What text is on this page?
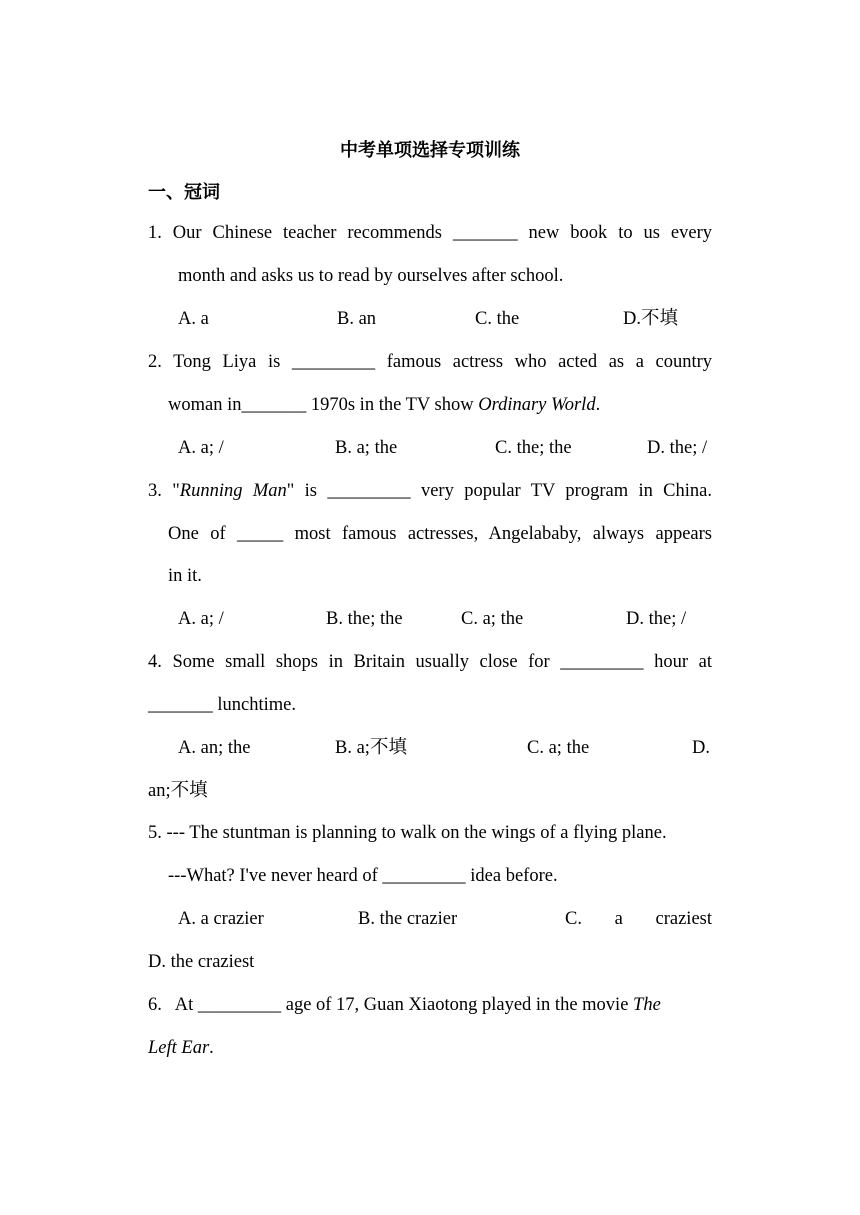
中考单项选择专项训练
一、冠词
1. Our Chinese teacher recommends _______ new book to us every
month and asks us to read by ourselves after school.
A. a	B. an	C. the	D.不填
2. Tong Liya is _________ famous actress who acted as a country
woman in_______ 1970s in the TV show Ordinary World.
A. a; /	B. a; the	C. the; the	D. the; /
3. "Running Man" is _________ very popular TV program in China.
One of _____ most famous actresses, Angelababy, always appears
in it.
A. a; /	B. the; the	C. a; the	D. the; /
4. Some small shops in Britain usually close for _________ hour at
_______ lunchtime.
A. an; the	B. a;不填	C. a; the	D.
an;不填
5. --- The stuntman is planning to walk on the wings of a flying plane.
---What? I've never heard of _________ idea before.
A. a crazier	B. the crazier	C. a craziest
D. the craziest
6.   At _________ age of 17, Guan Xiaotong played in the movie The
Left Ear.
